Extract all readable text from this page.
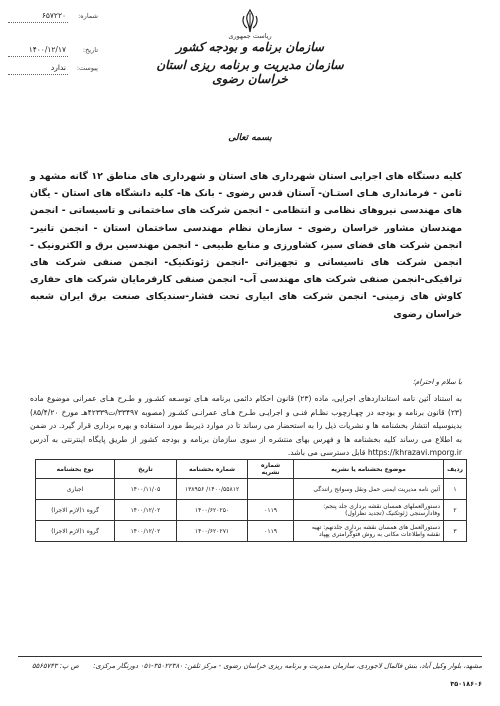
ریاست جمهوری
سازمان برنامه و بودجه کشور
سازمان مدیریت و برنامه ریزی استان خراسان رضوی
شماره:
۶۵۷۲۲۰
تاریخ:
۱۴۰۰/۱۲/۱۷
پیوست:
ندارد
بسمه تعالی
کلیه دستگاه های اجرایی استان شهرداری های استان و شهرداری های مناطق ۱۲ گانه مشهد و ثامن - فرمانداری هـای استـان- آستان قدس رضوی - بانک ها- کلیه دانشگاه های استان - یگان های مهندسی نیروهای نظامی و انتظامی - انجمن شرکت های ساختمانی و تاسیساتی - انجمن مهندسان مشاور خراسان رضوی - سازمان نظام مهندسی ساختمان استان - انجمن تانیر- انجمن شرکت های فضای سبز، کشاورزی و منابع طبیعی - انجمن مهندسین برق و الکترونیک - انجمن شرکت های تاسیساتی و تجهیزاتی -انجمن ژئوتکنیک- انجمن صنفی شرکت های ترافیکی-انجمن صنفی شرکت های مهندسی آب- انجمن صنفی کارفرمایان شرکت های حفاری کاوش های زمینی- انجمن شرکت های ابیاری تحت فشار-سندیکای صنعت برق ایران شعبه خراسان رضوی
با سلام و احترام؛
به استناد آئین نامه استانداردهای اجرایی، ماده (۲۳) قانون احکام دائمی برنامه هـای توسـعه کشـور و طـرح هـای عمرانی موضوع ماده (۲۳) قانون برنامه و بودجه در چهـارچوب نظـام فنـی و اجرایـی طـرح هـای عمرانـی کشـور (مصوبه ۳۳۴۹۷/ت۴۲۳۳۹هـ مورخ ۸۵/۴/۲۰) بدینوسیله انتشار بخشنامه ها و نشریات ذیل را به استحضار می رساند تا در موارد ذیربط مورد استفاده و بهره برداری قرار گیرد. در ضمن به اطلاع می رساند کلیه بخشنامه ها و فهرس بهای منتشره از سوی سازمان برنامه و بودجه کشور از طریق پایگاه اینترنتی به آدرس https://khrazavi.mporg.ir قابل دسترسی می باشد.
ردیف	موضوع بخشنامه یا نشریه	شماره نشریه	شماره بخشنامه	تاریخ	نوع بخشنامه
۱	آئین نامه مدیریت ایمنی حمل ونقل وسوانح رانندگی		۱۴۰۰/۵۵۸۱۲/ ۱۳۸۹۵۶	۱۴۰۰/۱۱/۰۵	اجباری
۲	دستورالعملهای همسان نقشه برداری جلد پنجم: وفادارسنجی ژئوتکنیک (تجدید نظراول)	۰۱۱۹	۱۴۰۰/۶۲۰۲۵۰	۱۴۰۰/۱۲/۰۲	گروه ۱(لازم الاجرا)
۳	دستورالعمل های همسان نقشه برداری جلدنهم: تهیه نقشه واطلاعات مکانی به روش فتوگرامتری پهپاد	۰۱۱۹	۱۴۰۰/۶۲۰۲۷۱	۱۴۰۰/۱۲/۰۲	گروه ۱(لازم الاجرا)
مشهد، بلوار وکیل آباد، بنش فالمال لاجوردی، سازمان مدیریت و برنامه ریزی خراسان رضوی - مرکز تلفن: ۳۵۰۲۲۳۸۰-۰۵۱ دورنگار مرکزی:
ص پ: ۵۵۶۵۷۴۳
۳۵۰۱۸۶۰۶
